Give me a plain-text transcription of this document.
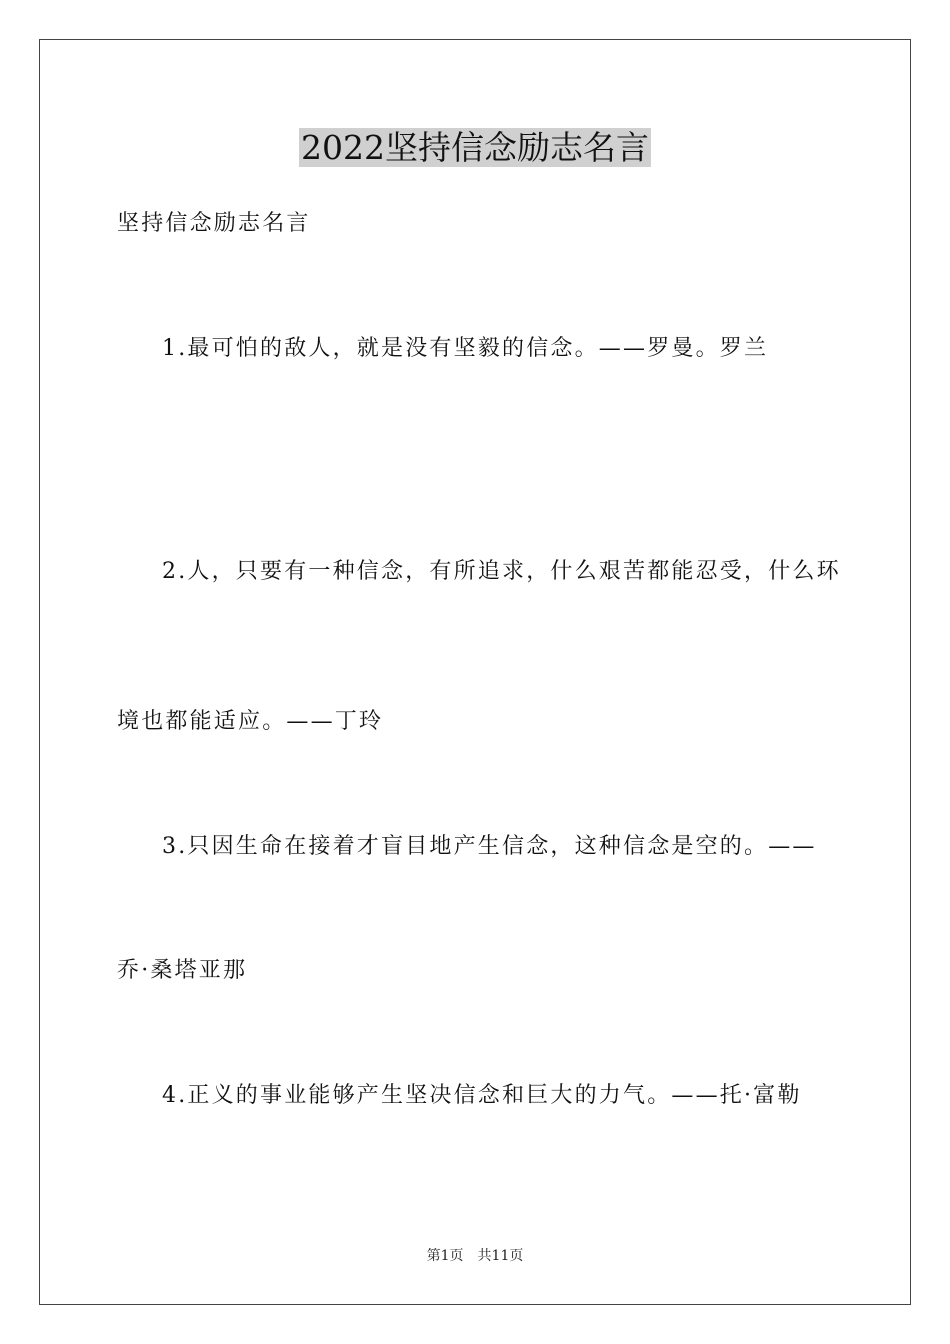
2022坚持信念励志名言
坚持信念励志名言
1.最可怕的敌人，就是没有坚毅的信念。——罗曼。罗兰
2.人，只要有一种信念，有所追求，什么艰苦都能忍受，什么环
境也都能适应。——丁玲
3.只因生命在接着才盲目地产生信念，这种信念是空的。——
乔·桑塔亚那
4.正义的事业能够产生坚决信念和巨大的力气。——托·富勒
第1页 共11页
